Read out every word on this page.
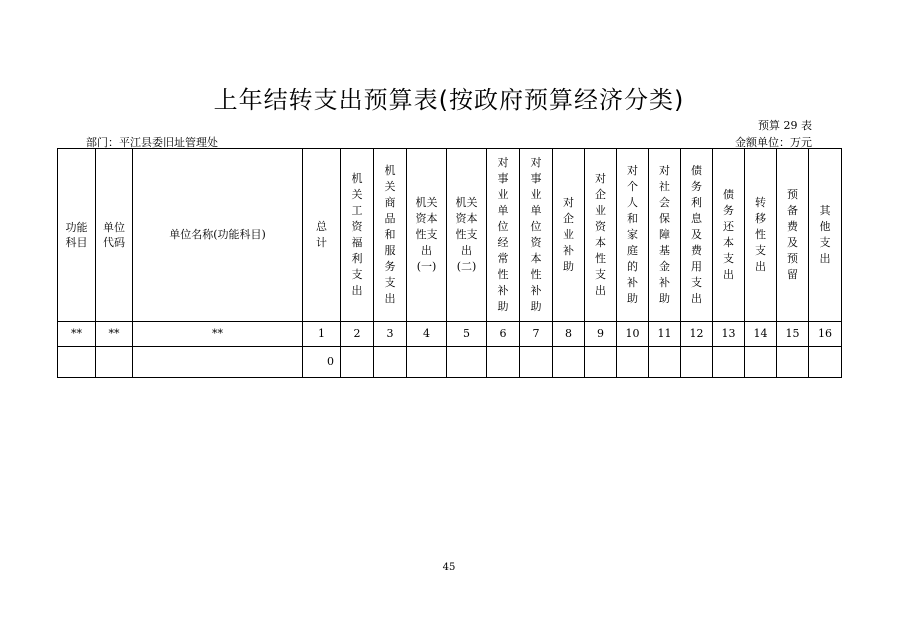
上年结转支出预算表(按政府预算经济分类)
预算 29 表
部门：平江县委旧址管理处	金额单位：万元
功能科目	单位代码	单位名称(功能科目)	总计	机关工资福利支出	机关商品和服务支出	机关资本性支出(一)	机关资本性支出(二)	对事业单位经常性补助	对事业单位资本性补助	对企业补助	对企业资本性支出	对个人和家庭的补助	对社会保障基金补助	债务利息及费用支出	债务还本支出	转移性支出	预备费及预留	其他支出
**	**	**	1	2	3	4	5	6	7	8	9	10	11	12	13	14	15	16
			0															
45
